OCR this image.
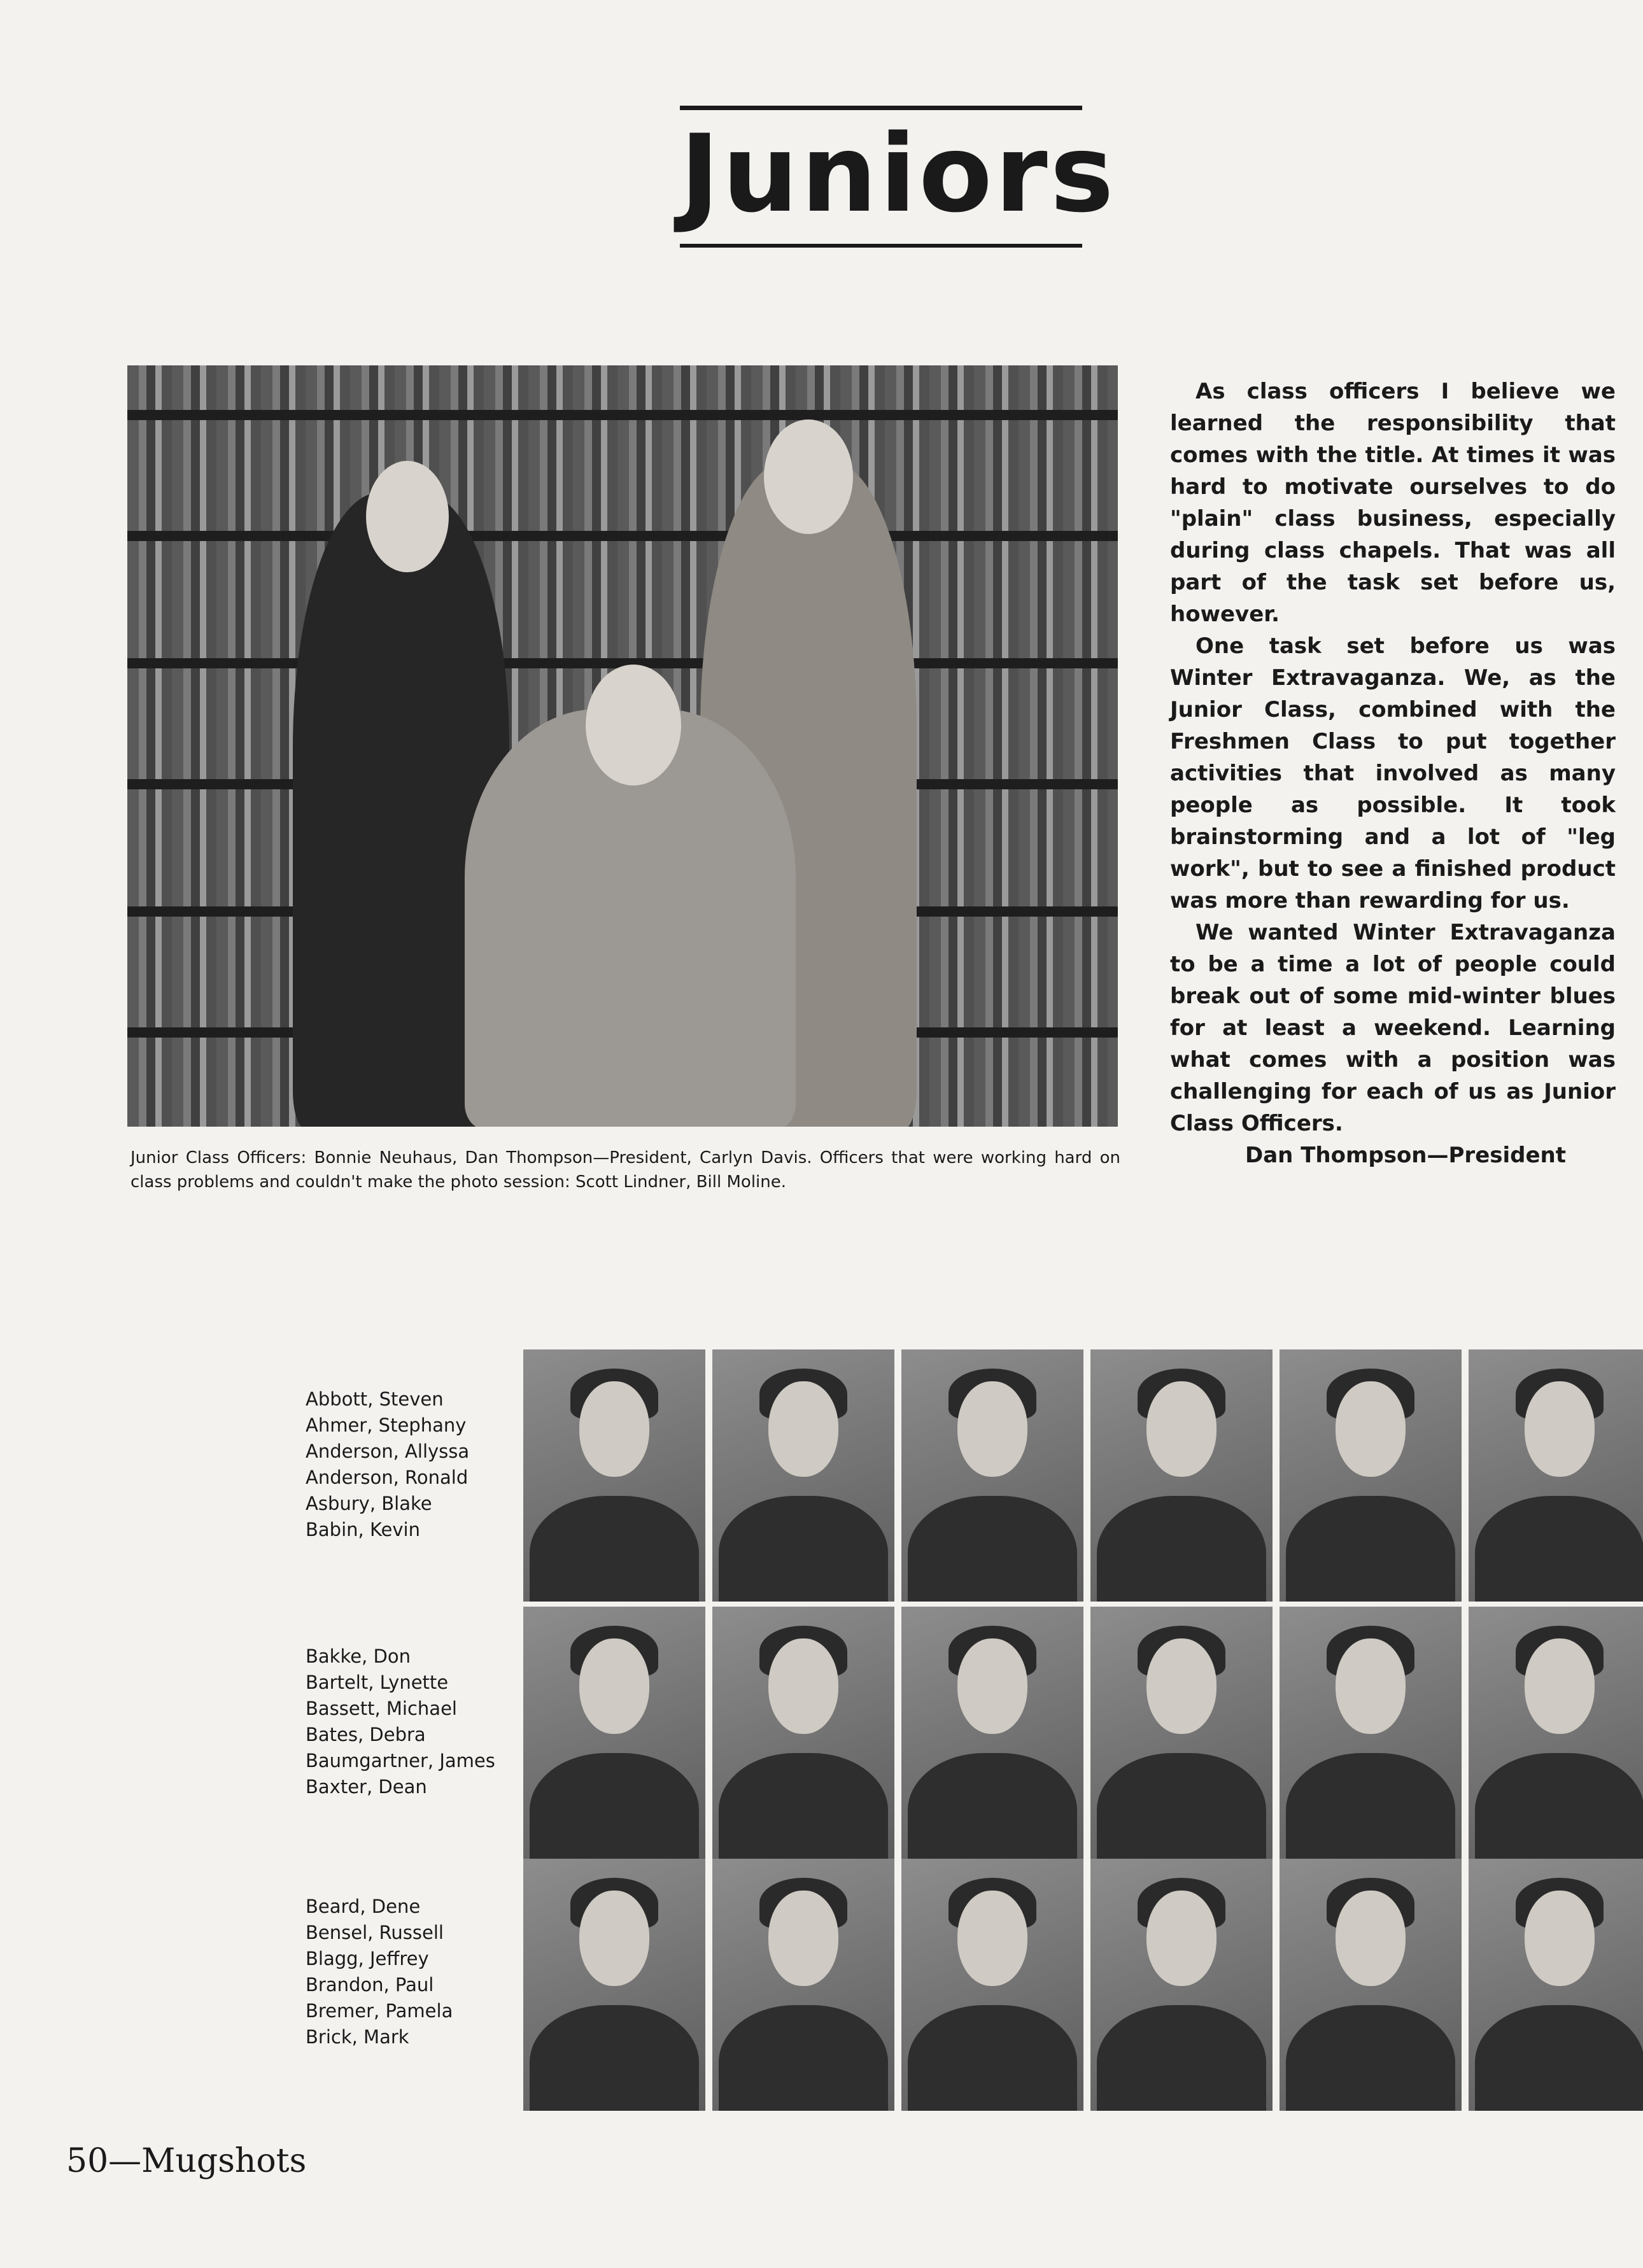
Juniors

As class officers I believe we learned the responsibility that comes with the title. At times it was hard to motivate ourselves to do "plain" class business, especially during class chapels. That was all part of the task set before us, however.

One task set before us was Winter Extravaganza. We, as the Junior Class, combined with the Freshmen Class to put together activities that involved as many people as possible. It took brainstorming and a lot of "leg work", but to see a finished product was more than rewarding for us.

We wanted Winter Extravaganza to be a time a lot of people could break out of some mid-winter blues for at least a weekend. Learning what comes with a position was challenging for each of us as Junior Class Officers.

Dan Thompson—President

Junior Class Officers: Bonnie Neuhaus, Dan Thompson—President, Carlyn Davis. Officers that were working hard on class problems and couldn't make the photo session: Scott Lindner, Bill Moline.

Abbott, Steven
Ahmer, Stephany
Anderson, Allyssa
Anderson, Ronald
Asbury, Blake
Babin, Kevin
Bakke, Don
Bartelt, Lynette
Bassett, Michael
Bates, Debra
Baumgartner, James
Baxter, Dean
Beard, Dene
Bensel, Russell
Blagg, Jeffrey
Brandon, Paul
Bremer, Pamela
Brick, Mark

50—Mugshots
